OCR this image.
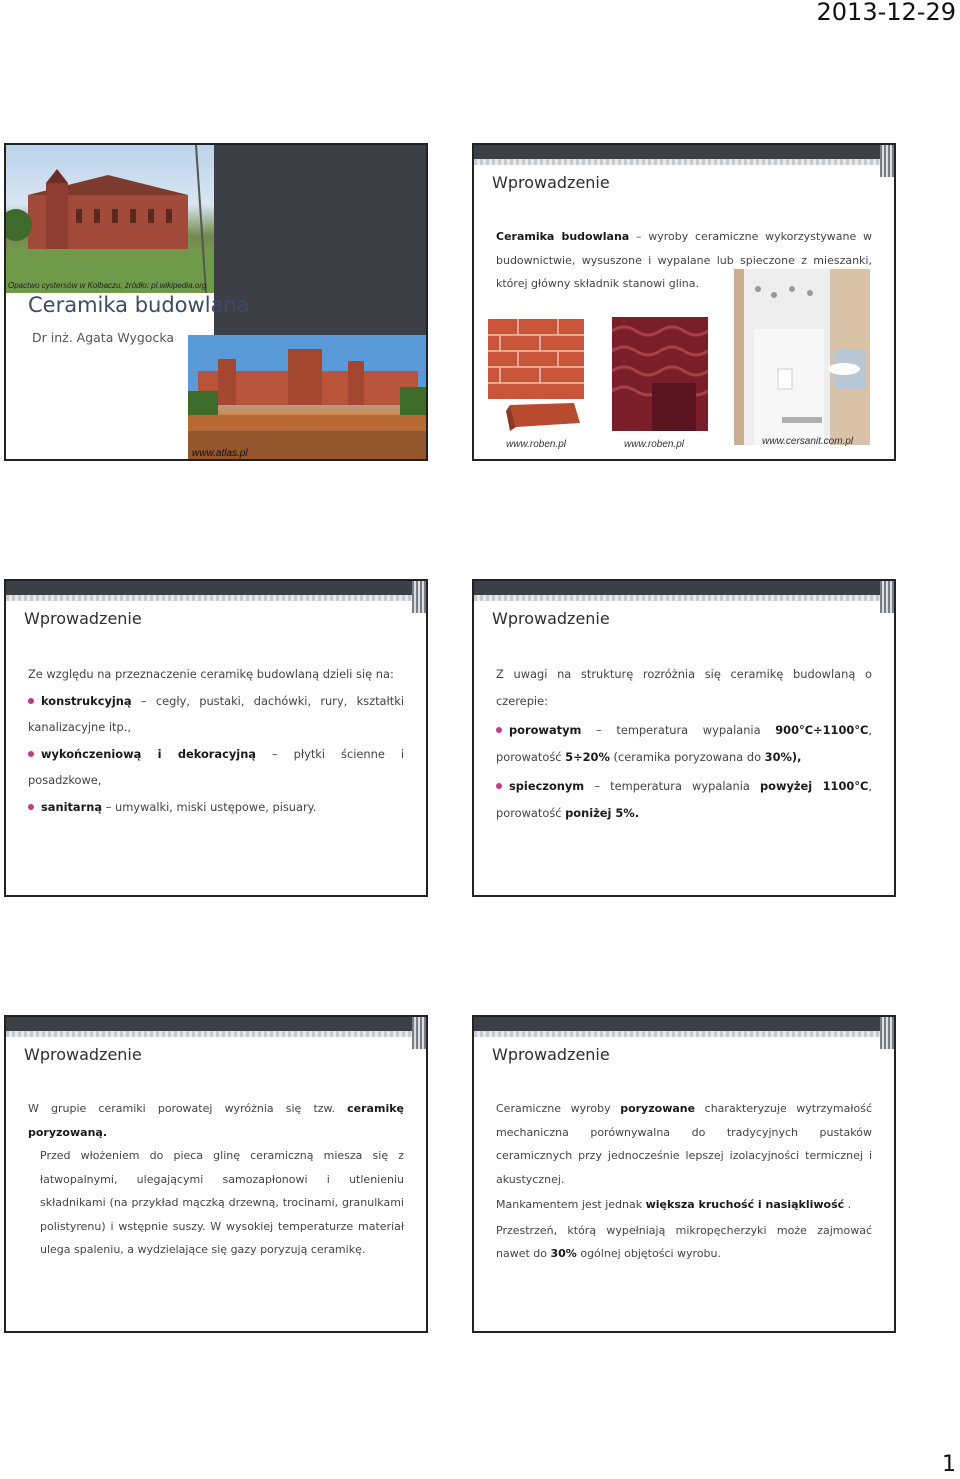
2013-12-29
Opactwo cystersów w Kolbaczu, źródło: pl.wikipedia.org
Ceramika budowlana
Dr inż. Agata Wygocka
www.atlas.pl
Wprowadzenie

Ceramika budowlana – wyroby ceramiczne wykorzystywane w budownictwie, wysuszone i wypalane lub spieczone z mieszanki, której główny składnik stanowi glina.

www.roben.pl	www.roben.pl	www.cersanit.com.pl
Wprowadzenie

Ze względu na przeznaczenie ceramikę budowlaną dzieli się na:

konstrukcyjną – cegły, pustaki, dachówki, rury, kształtki kanalizacyjne itp.,

wykończeniową i dekoracyjną – płytki ścienne i posadzkowe,

sanitarną – umywalki, miski ustępowe, pisuary.

Wprowadzenie

Z uwagi na strukturę rozróżnia się ceramikę budowlaną o czerepie:

porowatym – temperatura wypalania 900°C÷1100°C, porowatość 5÷20% (ceramika poryzowana do 30%),

spieczonym – temperatura wypalania powyżej 1100°C, porowatość poniżej 5%.

Wprowadzenie

W grupie ceramiki porowatej wyróżnia się tzw. ceramikę poryzowaną.

Przed włożeniem do pieca glinę ceramiczną miesza się z łatwopalnymi, ulegającymi samozapłonowi i utlenieniu składnikami (na przykład mączką drzewną, trocinami, granulkami polistyrenu) i wstępnie suszy. W wysokiej temperaturze materiał ulega spaleniu, a wydzielające się gazy poryzują ceramikę.

Wprowadzenie

Ceramiczne wyroby poryzowane charakteryzuje wytrzymałość mechaniczna porównywalna do tradycyjnych pustaków ceramicznych przy jednocześnie lepszej izolacyjności termicznej i akustycznej.

Mankamentem jest jednak większa kruchość i nasiąkliwość .

Przestrzeń, którą wypełniają mikropęcherzyki może zajmować nawet do 30% ogólnej objętości wyrobu.

1
